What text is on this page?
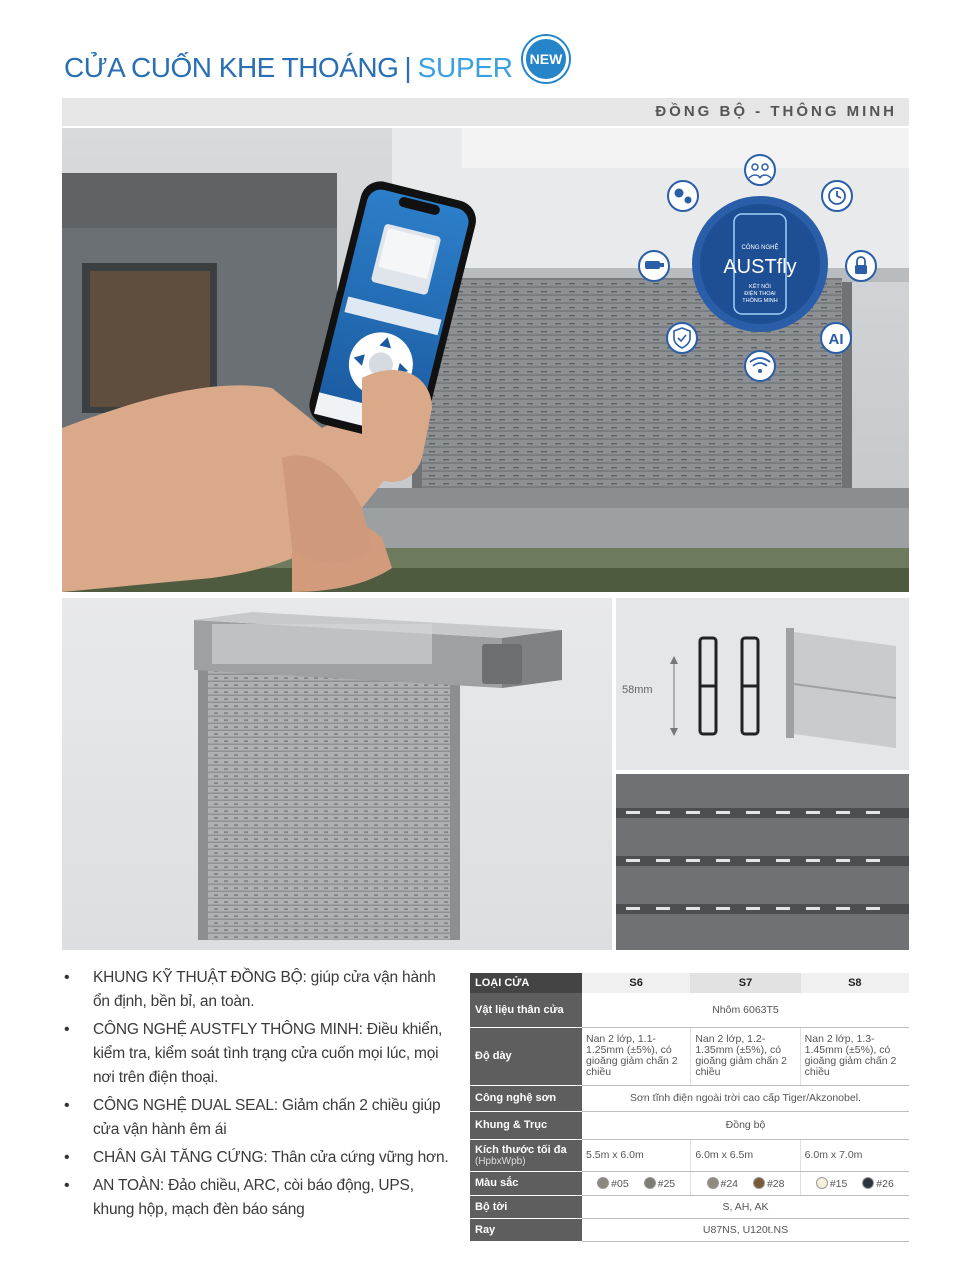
CỬA CUỐN KHE THOÁNG | SUPER	NEW
ĐỒNG BỘ - THÔNG MINH
CÔNG NGHỆ
AUSTfly
KẾT NỐI
ĐIỆN THOẠI
THÔNG MINH
AI
58mm
• KHUNG KỸ THUẬT ĐỒNG BỘ: giúp cửa vận hành ổn định, bền bỉ, an toàn.
• CÔNG NGHỆ AUSTFLY THÔNG MINH: Điều khiển, kiểm tra, kiểm soát tình trạng cửa cuốn mọi lúc, mọi nơi trên điện thoại.
• CÔNG NGHỆ DUAL SEAL: Giảm chấn 2 chiều giúp cửa vận hành êm ái
• CHÂN GÀI TĂNG CỨNG: Thân cửa cứng vững hơn.
• AN TOÀN: Đảo chiều, ARC, còi báo động, UPS, khung hộp, mạch đèn báo sáng
LOẠI CỬA	S6	S7	S8
Vật liệu thân cửa	Nhôm 6063T5		
Độ dày	Nan 2 lớp, 1.1-1.25mm (±5%), có gioăng giảm chấn 2 chiều	Nan 2 lớp, 1.2-1.35mm (±5%), có gioăng giảm chấn 2 chiều	Nan 2 lớp, 1.3-1.45mm (±5%), có gioăng giảm chấn 2 chiều
Công nghệ sơn	Sơn tĩnh điện ngoài trời cao cấp Tiger/Akzonobel.		
Khung & Trục	Đồng bộ		
Kích thước tối đa
(HpbxWpb)	5.5m x 6.0m	6.0m x 6.5m	6.0m x 7.0m
Màu sắc	#05 #25	#24 #28	#15 #26
Bộ tời	S, AH, AK		
Ray	U87NS, U120t.NS		
